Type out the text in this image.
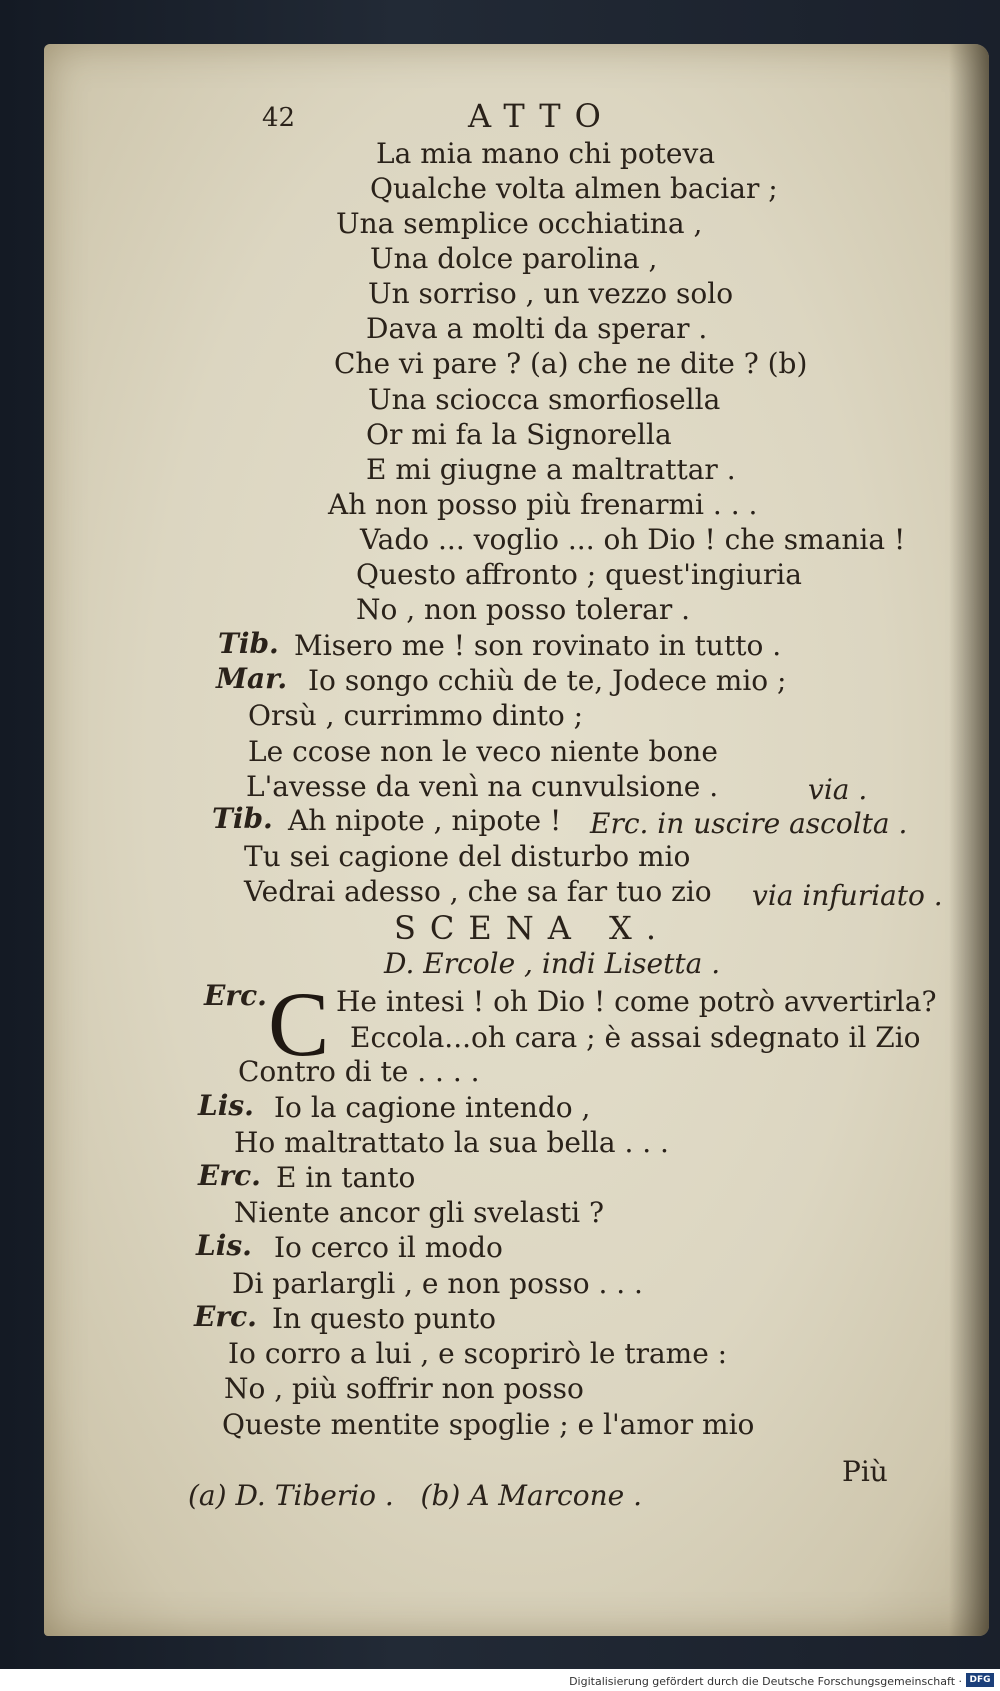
42	ATTO
La mia mano chi poteva
Qualche volta almen baciar ;
Una semplice occhiatina ,
Una dolce parolina ,
Un sorriso , un vezzo solo
Dava a molti da sperar .
Che vi pare ? (a) che ne dite ? (b)
Una sciocca smorfiosella
Or mi fa la Signorella
E mi giugne a maltrattar .
Ah non posso più frenarmi . . .
Vado ... voglio ... oh Dio ! che smania !
Questo affronto ; quest'ingiuria
No , non posso tolerar .
Tib. Misero me ! son rovinato in tutto .
Mar. Io songo cchiù de te, Jodece mio ;
Orsù , currimmo dinto ;
Le ccose non le veco niente bone
L'avesse da venì na cunvulsione .	via .
Tib. Ah nipote , nipote ! Erc. in uscire ascolta .
Tu sei cagione del disturbo mio
Vedrai adesso , che sa far tuo zio via infuriato .
SCENA X.
D. Ercole , indi Lisetta .
Erc. C He intesi ! oh Dio ! come potrò avvertirla?
Eccola...oh cara ; è assai sdegnato il Zio
Contro di te . . . .
Lis. Io la cagione intendo ,
Ho maltrattato la sua bella . . .
Erc. E in tanto
Niente ancor gli svelasti ?
Lis. Io cerco il modo
Di parlargli , e non posso . . .
Erc. In questo punto
Io corro a lui , e scoprirò le trame :
No , più soffrir non posso
Queste mentite spoglie ; e l'amor mio
Più
(a) D. Tiberio .   (b) A Marcone .
Digitalisierung gefördert durch die Deutsche Forschungsgemeinschaft · DFG
